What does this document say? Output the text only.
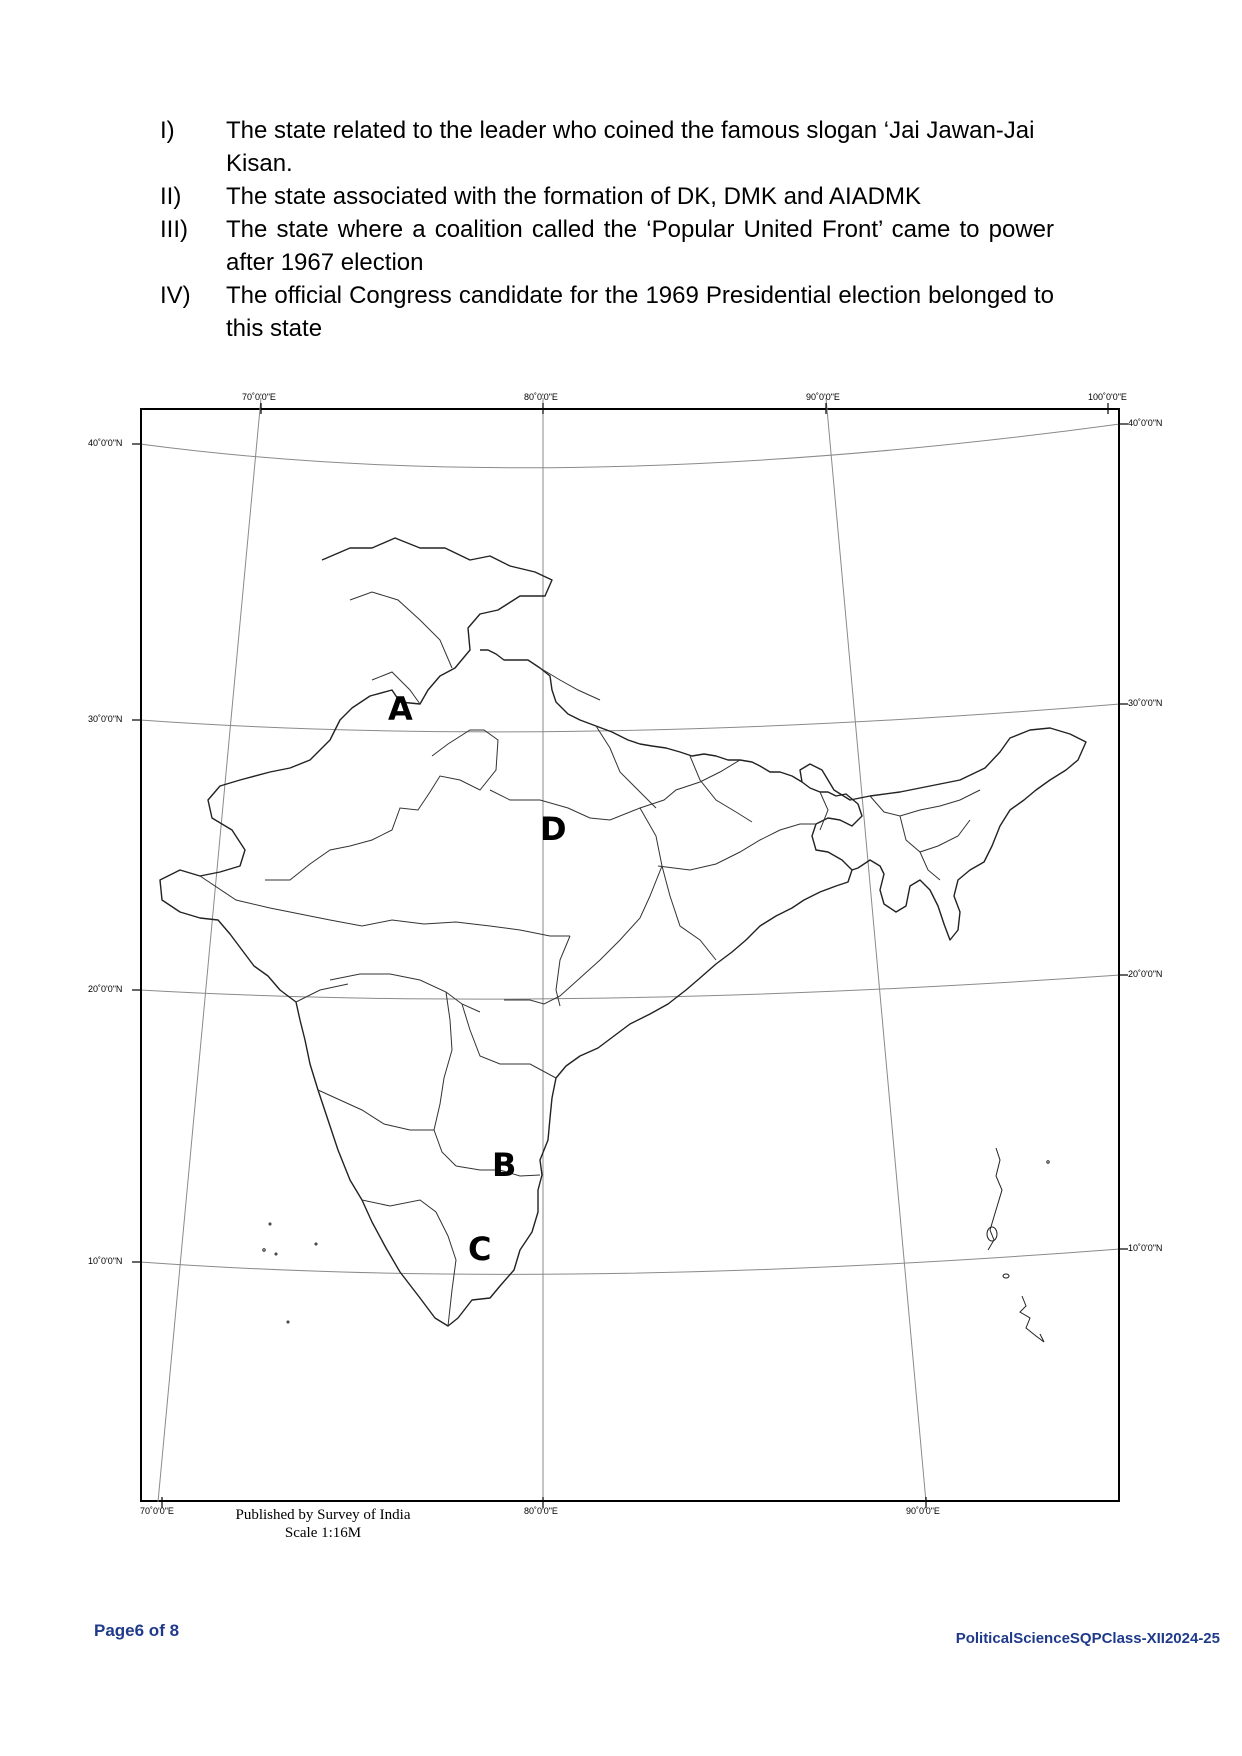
I) The state related to the leader who coined the famous slogan ‘Jai Jawan-Jai Kisan.
II) The state associated with the formation of DK, DMK and AIADMK
III) The state where a coalition called the ‘Popular United Front’ came to power after 1967 election
IV) The official Congress candidate for the 1969 Presidential election belonged to this state
70˚0'0"E	80˚0'0"E	90˚0'0"E	100˚0'0"E
70˚0'0"E	80˚0'0"E	90˚0'0"E
40˚0'0"N
30˚0'0"N
20˚0'0"N
10˚0'0"N
40˚0'0"N
30˚0'0"N
20˚0'0"N
10˚0'0"N
A
D
B
C
Published by Survey of India
Scale 1:16M
Page6 of 8	PoliticalScienceSQPClass-XII2024-25
